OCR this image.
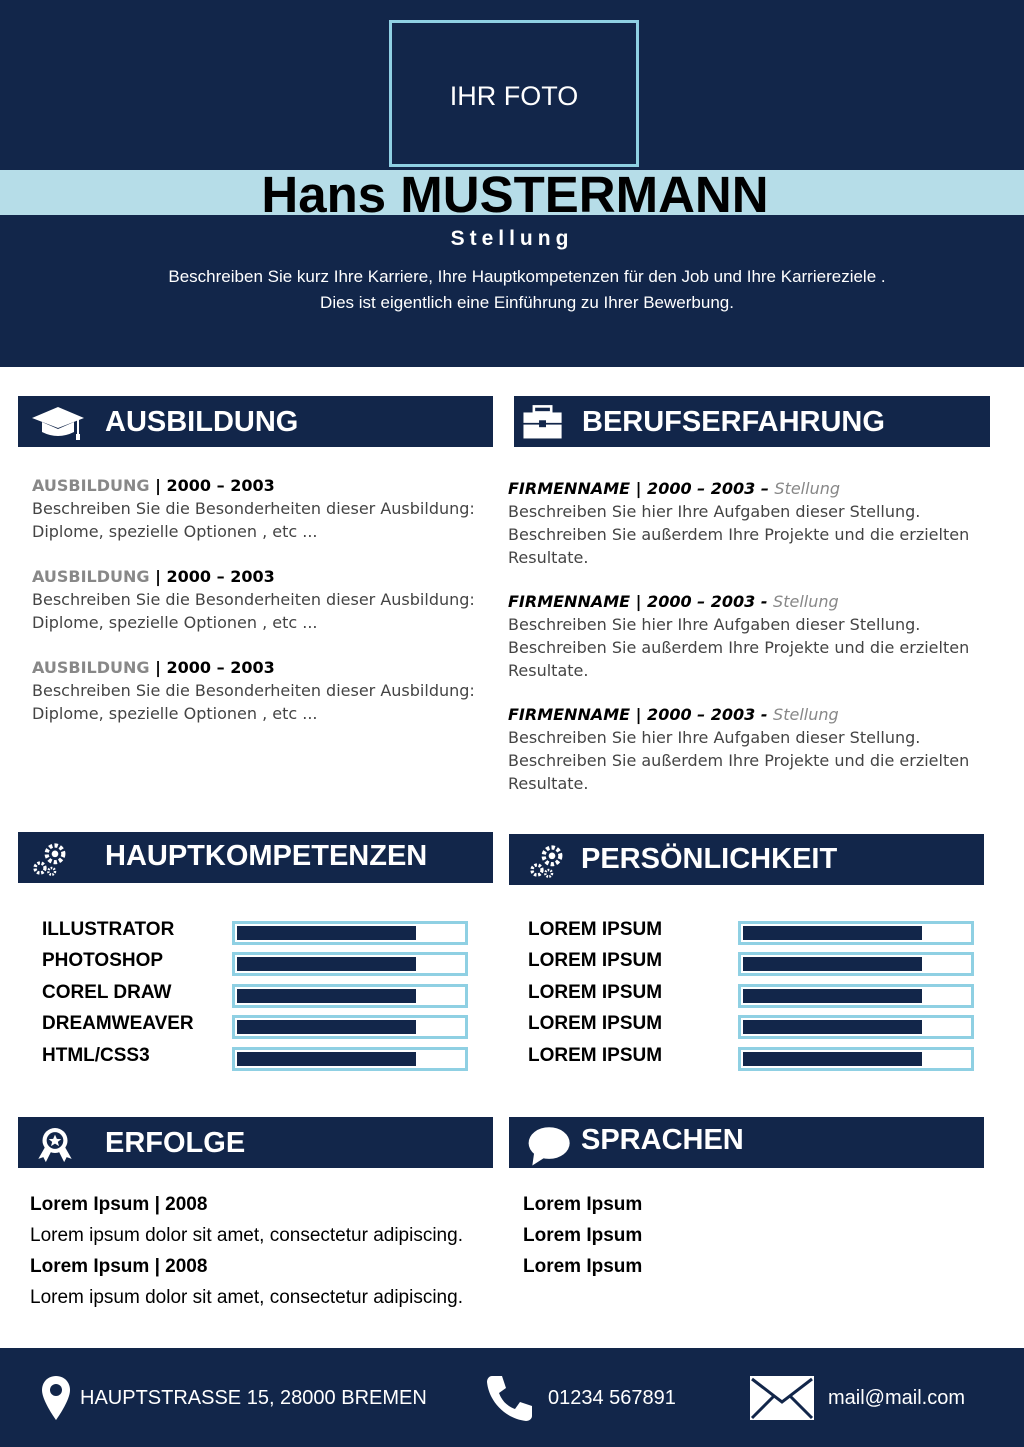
IHR FOTO
Hans MUSTERMANN
Stellung
Beschreiben Sie kurz Ihre Karriere, Ihre Hauptkompetenzen für den Job und Ihre Karriereziele .
Dies ist eigentlich eine Einführung zu Ihrer Bewerbung.
AUSBILDUNG
AUSBILDUNG | 2000 – 2003
Beschreiben Sie die Besonderheiten dieser Ausbildung:
Diplome, spezielle Optionen , etc ...
AUSBILDUNG | 2000 – 2003
Beschreiben Sie die Besonderheiten dieser Ausbildung:
Diplome, spezielle Optionen , etc ...
AUSBILDUNG | 2000 – 2003
Beschreiben Sie die Besonderheiten dieser Ausbildung:
Diplome, spezielle Optionen , etc ...
BERUFSERFAHRUNG
FIRMENNAME | 2000 – 2003 – Stellung
Beschreiben Sie hier Ihre Aufgaben dieser Stellung.
Beschreiben Sie außerdem Ihre Projekte und die erzielten
Resultate.
FIRMENNAME | 2000 – 2003 - Stellung
Beschreiben Sie hier Ihre Aufgaben dieser Stellung.
Beschreiben Sie außerdem Ihre Projekte und die erzielten
Resultate.
FIRMENNAME | 2000 – 2003 - Stellung
Beschreiben Sie hier Ihre Aufgaben dieser Stellung.
Beschreiben Sie außerdem Ihre Projekte und die erzielten
Resultate.
HAUPTKOMPETENZEN
ILLUSTRATOR
PHOTOSHOP
COREL DRAW
DREAMWEAVER
HTML/CSS3
PERSÖNLICHKEIT
LOREM IPSUM
LOREM IPSUM
LOREM IPSUM
LOREM IPSUM
LOREM IPSUM
ERFOLGE
Lorem Ipsum | 2008
Lorem ipsum dolor sit amet, consectetur adipiscing.
Lorem Ipsum | 2008
Lorem ipsum dolor sit amet, consectetur adipiscing.
SPRACHEN
Lorem Ipsum
Lorem Ipsum
Lorem Ipsum
HAUPTSTRASSE 15, 28000 BREMEN	01234 567891	mail@mail.com
